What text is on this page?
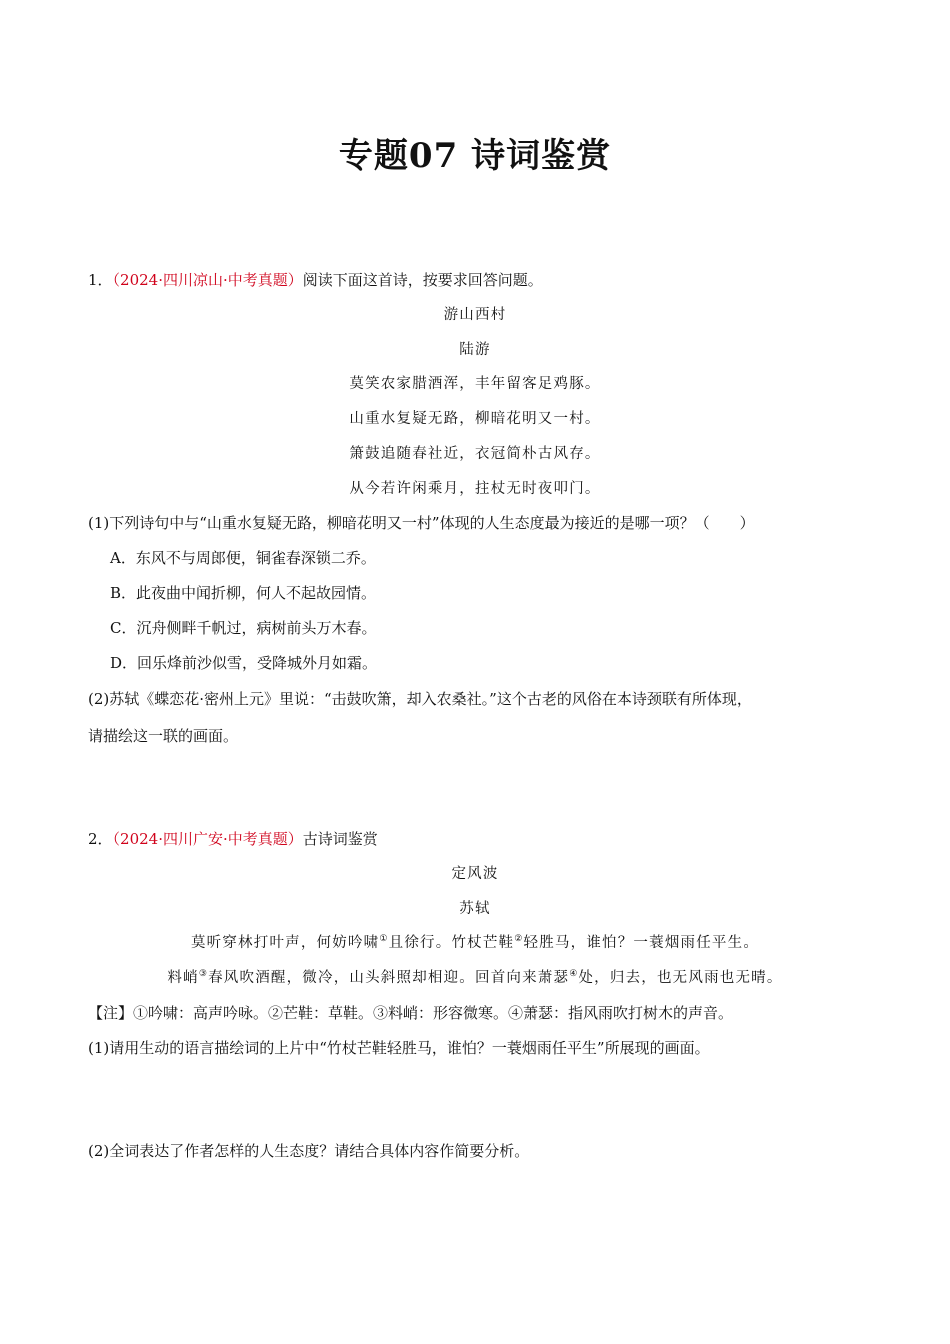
专题07 诗词鉴赏
1．（2024·四川凉山·中考真题）阅读下面这首诗，按要求回答问题。
游山西村
陆游
莫笑农家腊酒浑，丰年留客足鸡豚。
山重水复疑无路，柳暗花明又一村。
箫鼓追随春社近，衣冠简朴古风存。
从今若许闲乘月，拄杖无时夜叩门。
(1)下列诗句中与“山重水复疑无路，柳暗花明又一村”体现的人生态度最为接近的是哪一项？（　　）
A．东风不与周郎便，铜雀春深锁二乔。
B．此夜曲中闻折柳，何人不起故园情。
C．沉舟侧畔千帆过，病树前头万木春。
D．回乐烽前沙似雪，受降城外月如霜。
(2)苏轼《蝶恋花·密州上元》里说：“击鼓吹箫，却入农桑社。”这个古老的风俗在本诗颈联有所体现，
请描绘这一联的画面。
2．（2024·四川广安·中考真题）古诗词鉴赏
定风波
苏轼
莫听穿林打叶声，何妨吟啸①且徐行。竹杖芒鞋②轻胜马，谁怕？一蓑烟雨任平生。
料峭③春风吹酒醒，微冷，山头斜照却相迎。回首向来萧瑟④处，归去，也无风雨也无晴。
【注】①吟啸：高声吟咏。②芒鞋：草鞋。③料峭：形容微寒。④萧瑟：指风雨吹打树木的声音。
(1)请用生动的语言描绘词的上片中“竹杖芒鞋轻胜马，谁怕？一蓑烟雨任平生”所展现的画面。
(2)全词表达了作者怎样的人生态度？请结合具体内容作简要分析。
